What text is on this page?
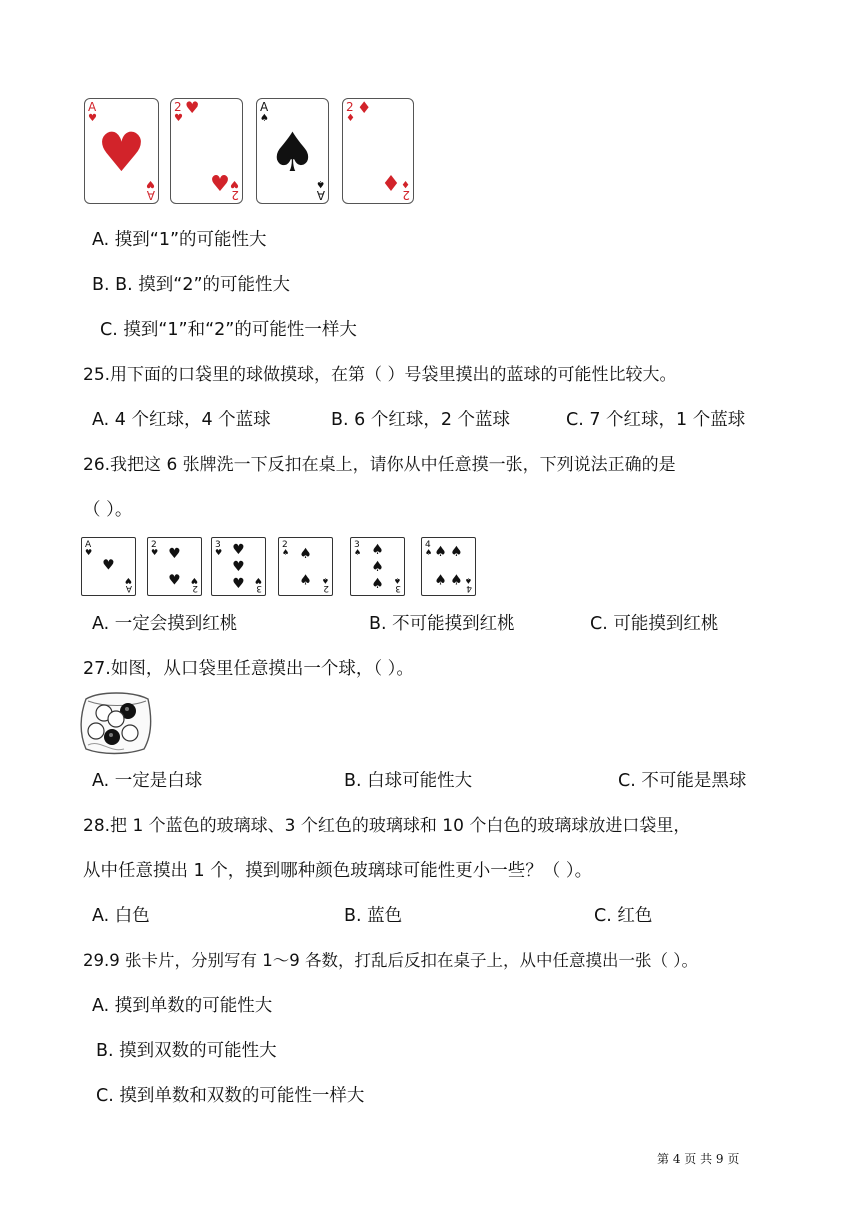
A
♥
♥
A
♥
2
♥
♥
♥ 2
♥
A
♠
♠
A
♠
2
♦
♦
♦ 2
♦
A. 摸到“1”的可能性大
B. B. 摸到“2”的可能性大
C. 摸到“1”和“2”的可能性一样大
25.用下面的口袋里的球做摸球，在第（ ）号袋里摸出的蓝球的可能性比较大。
A. 4 个红球，4 个蓝球	B. 6 个红球，2 个蓝球	C. 7 个红球，1 个蓝球
26.我把这 6 张牌洗一下反扣在桌上，请你从中任意摸一张，下列说法正确的是
（ ）。
A
♥
♥
A
♥
2
♥ ♥
♥ 2
♥
3
♥ ♥
♥
♥ 3
♥
2
♠ ♠
♠ 2
♠
3
♠ ♠
♠
♠ 3
♠
4
♠ ♠ ♠
♠ ♠ 4
♠
A. 一定会摸到红桃	B. 不可能摸到红桃	C. 可能摸到红桃
27.如图，从口袋里任意摸出一个球，（ ）。
A. 一定是白球	B. 白球可能性大	C. 不可能是黑球
28.把 1 个蓝色的玻璃球、3 个红色的玻璃球和 10 个白色的玻璃球放进口袋里，
从中任意摸出 1 个，摸到哪种颜色玻璃球可能性更小一些？（ ）。
A. 白色	B. 蓝色	C. 红色
29.9 张卡片，分别写有 1～9 各数，打乱后反扣在桌子上，从中任意摸出一张（ ）。
A. 摸到单数的可能性大
B. 摸到双数的可能性大
C. 摸到单数和双数的可能性一样大
第 4 页 共 9 页
